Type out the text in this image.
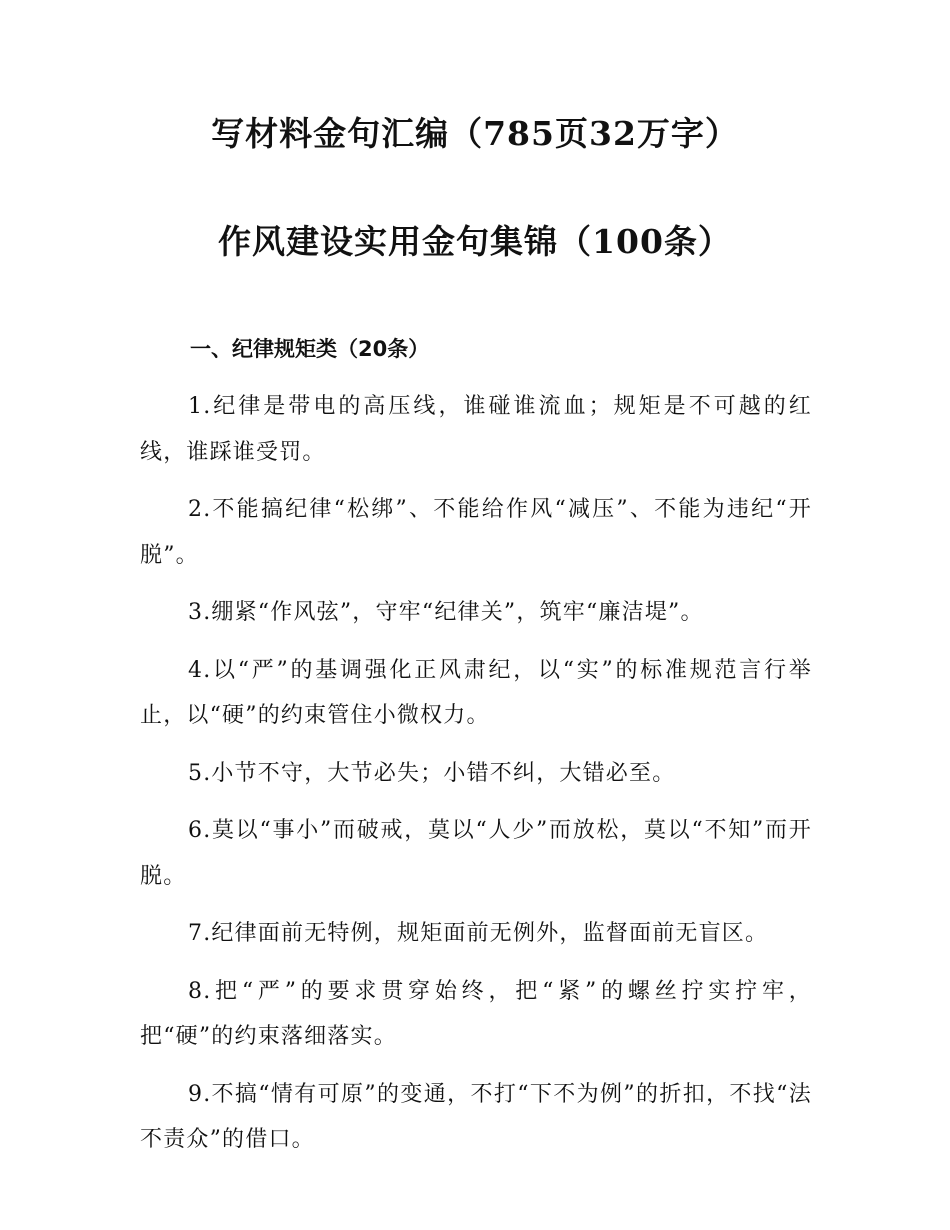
写材料金句汇编（785页32万字）
作风建设实用金句集锦（100条）
一、纪律规矩类（20条）
1.纪律是带电的高压线，谁碰谁流血；规矩是不可越的红线，谁踩谁受罚。
2.不能搞纪律“松绑”、不能给作风“减压”、不能为违纪“开脱”。
3.绷紧“作风弦”，守牢“纪律关”，筑牢“廉洁堤”。
4.以“严”的基调强化正风肃纪，以“实”的标准规范言行举止，以“硬”的约束管住小微权力。
5.小节不守，大节必失；小错不纠，大错必至。
6.莫以“事小”而破戒，莫以“人少”而放松，莫以“不知”而开脱。
7.纪律面前无特例，规矩面前无例外，监督面前无盲区。
8.把“严”的要求贯穿始终，把“紧”的螺丝拧实拧牢，把“硬”的约束落细落实。
9.不搞“情有可原”的变通，不打“下不为例”的折扣，不找“法不责众”的借口。
